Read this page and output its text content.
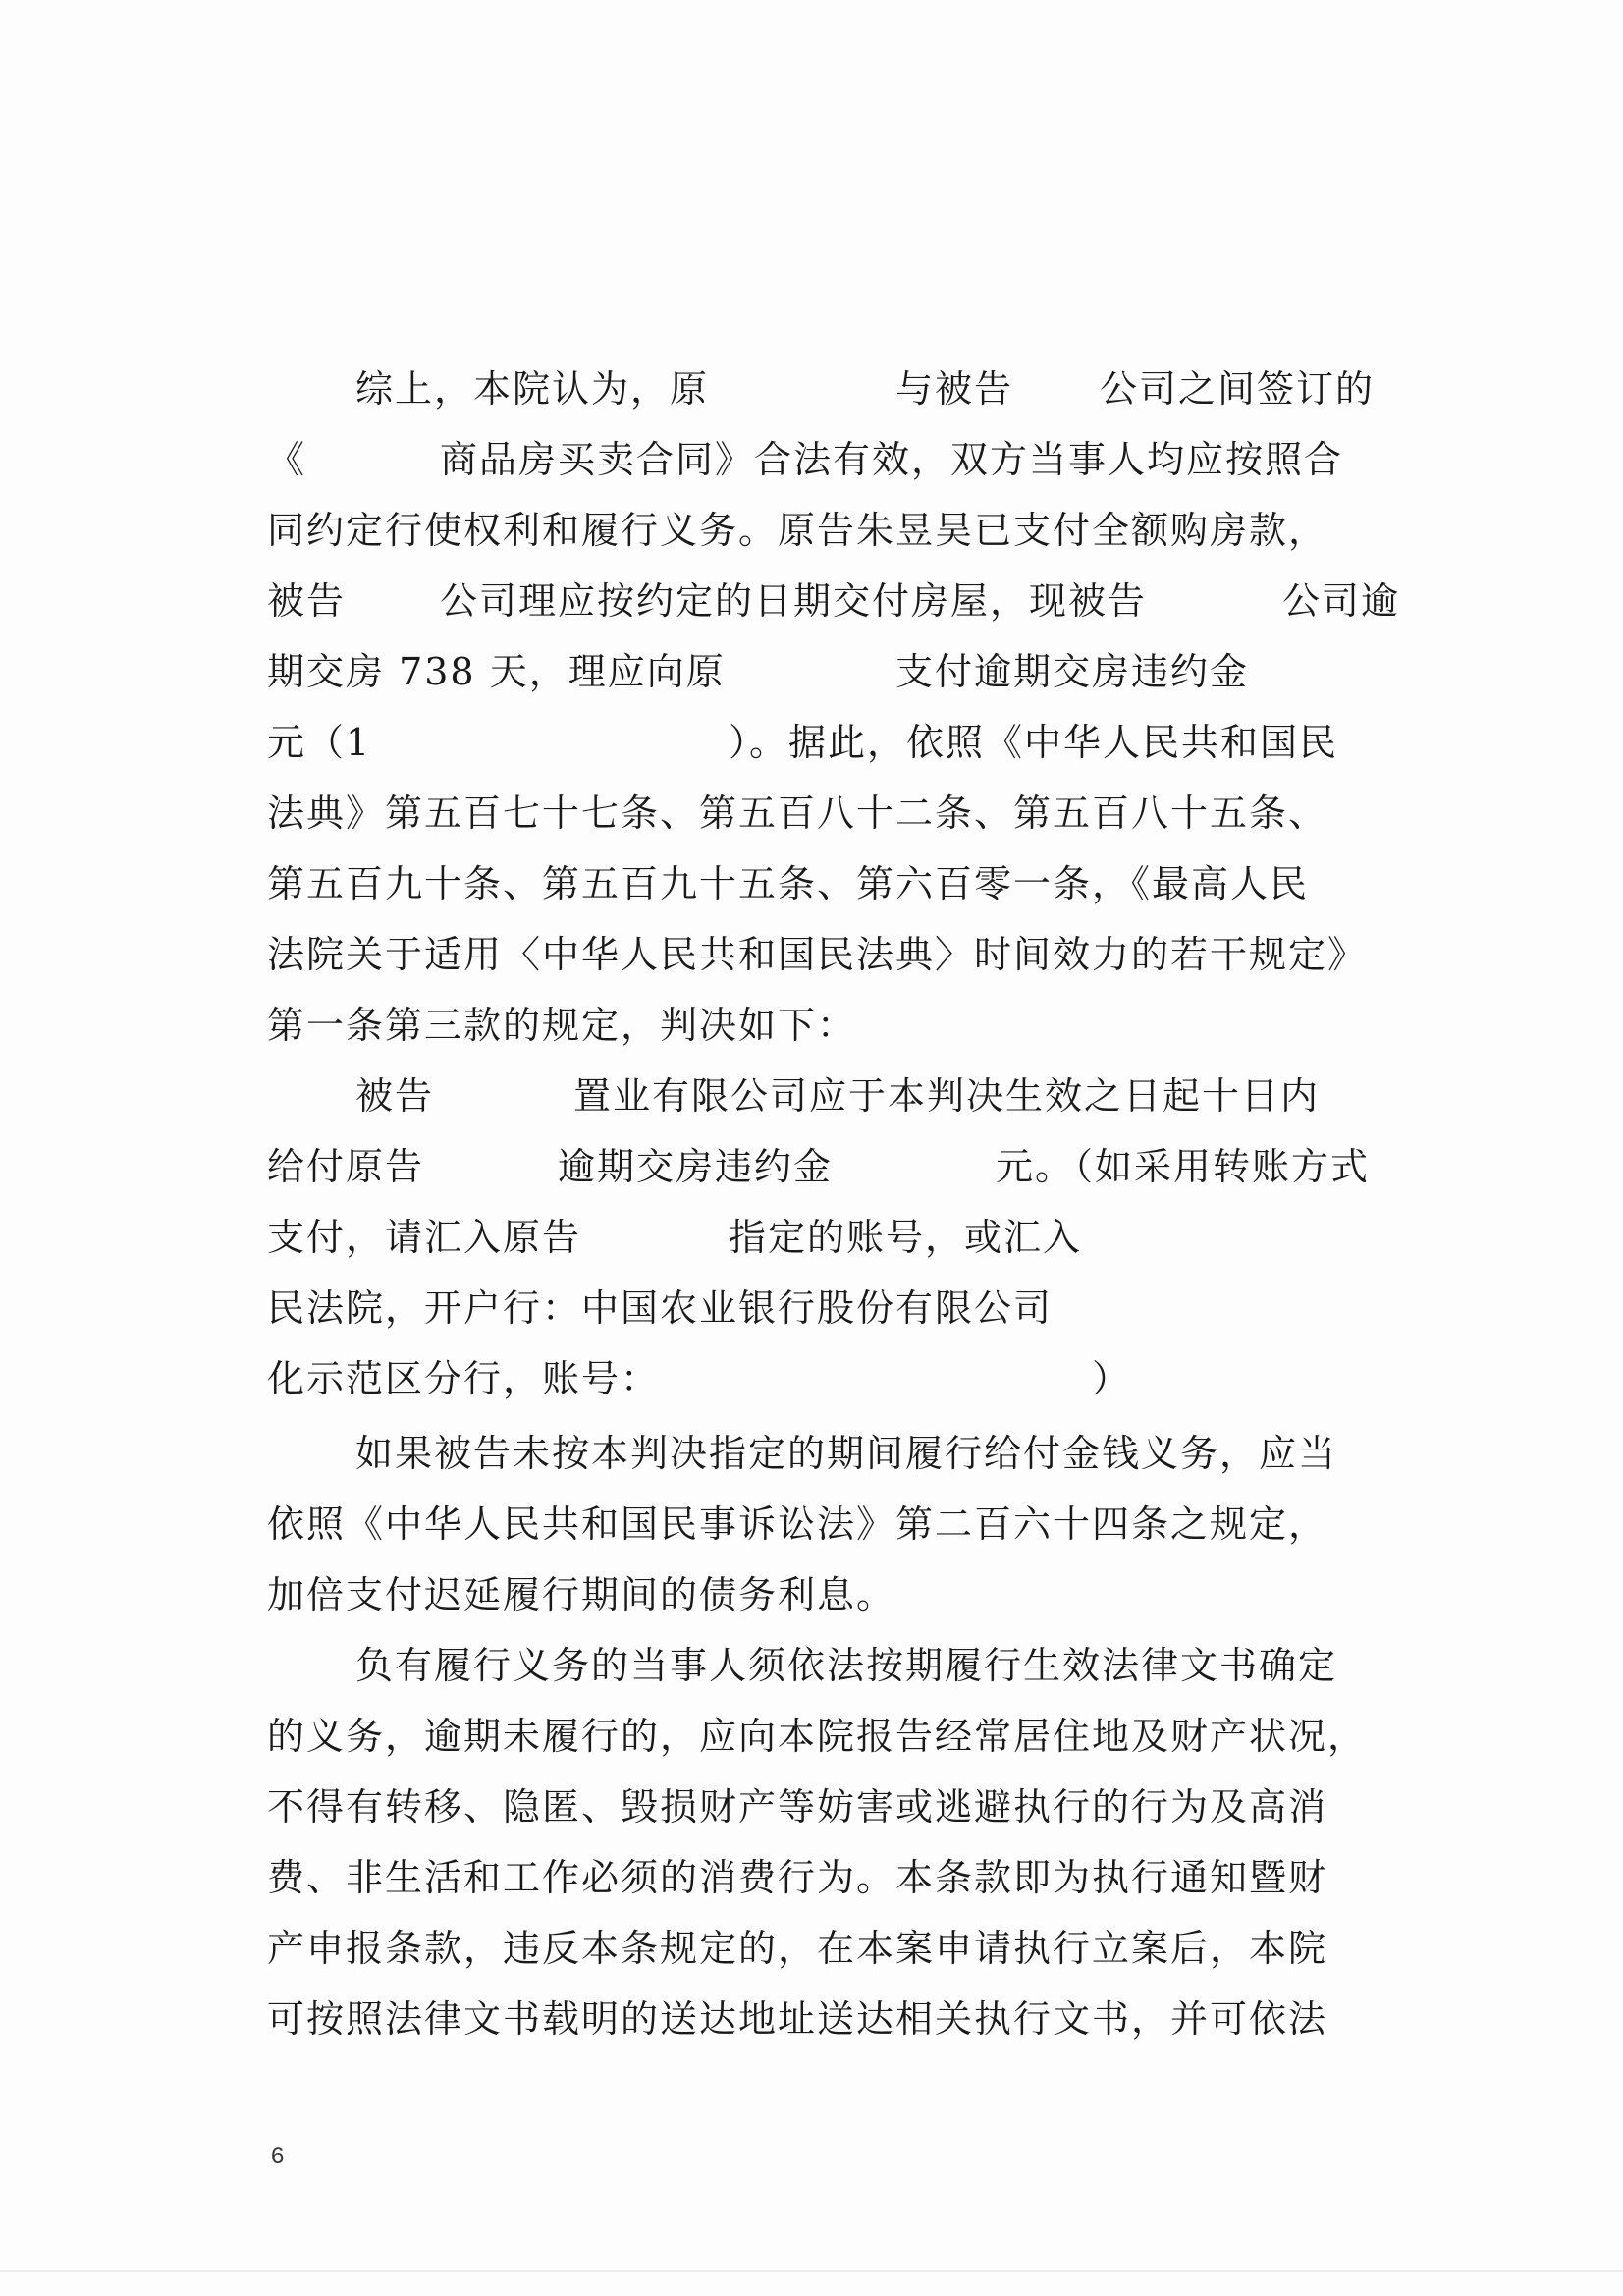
综上，本院认为，原	与被告 公司之间签订的
《	商品房买卖合同》合法有效，双方当事人均应按照合
同约定行使权利和履行义务。原告朱昱昊已支付全额购房款，
被告	公司理应按约定的日期交付房屋，现被告	公司逾
期交房 738 天，理应向原	支付逾期交房违约金
元（1	）。据此，依照《中华人民共和国民
法典》第五百七十七条、第五百八十二条、第五百八十五条、
第五百九十条、第五百九十五条、第六百零一条，《最高人民
法院关于适用〈中华人民共和国民法典〉时间效力的若干规定》
第一条第三款的规定，判决如下：
被告	置业有限公司应于本判决生效之日起十日内
给付原告	逾期交房违约金	元。（如采用转账方式
支付，请汇入原告	指定的账号，或汇入
民法院，开户行：中国农业银行股份有限公司
化示范区分行，账号：	）
如果被告未按本判决指定的期间履行给付金钱义务，应当
依照《中华人民共和国民事诉讼法》第二百六十四条之规定，
加倍支付迟延履行期间的债务利息。
负有履行义务的当事人须依法按期履行生效法律文书确定
的义务，逾期未履行的，应向本院报告经常居住地及财产状况，
不得有转移、隐匿、毁损财产等妨害或逃避执行的行为及高消
费、非生活和工作必须的消费行为。本条款即为执行通知暨财
产申报条款，违反本条规定的，在本案申请执行立案后，本院
可按照法律文书载明的送达地址送达相关执行文书，并可依法
6
